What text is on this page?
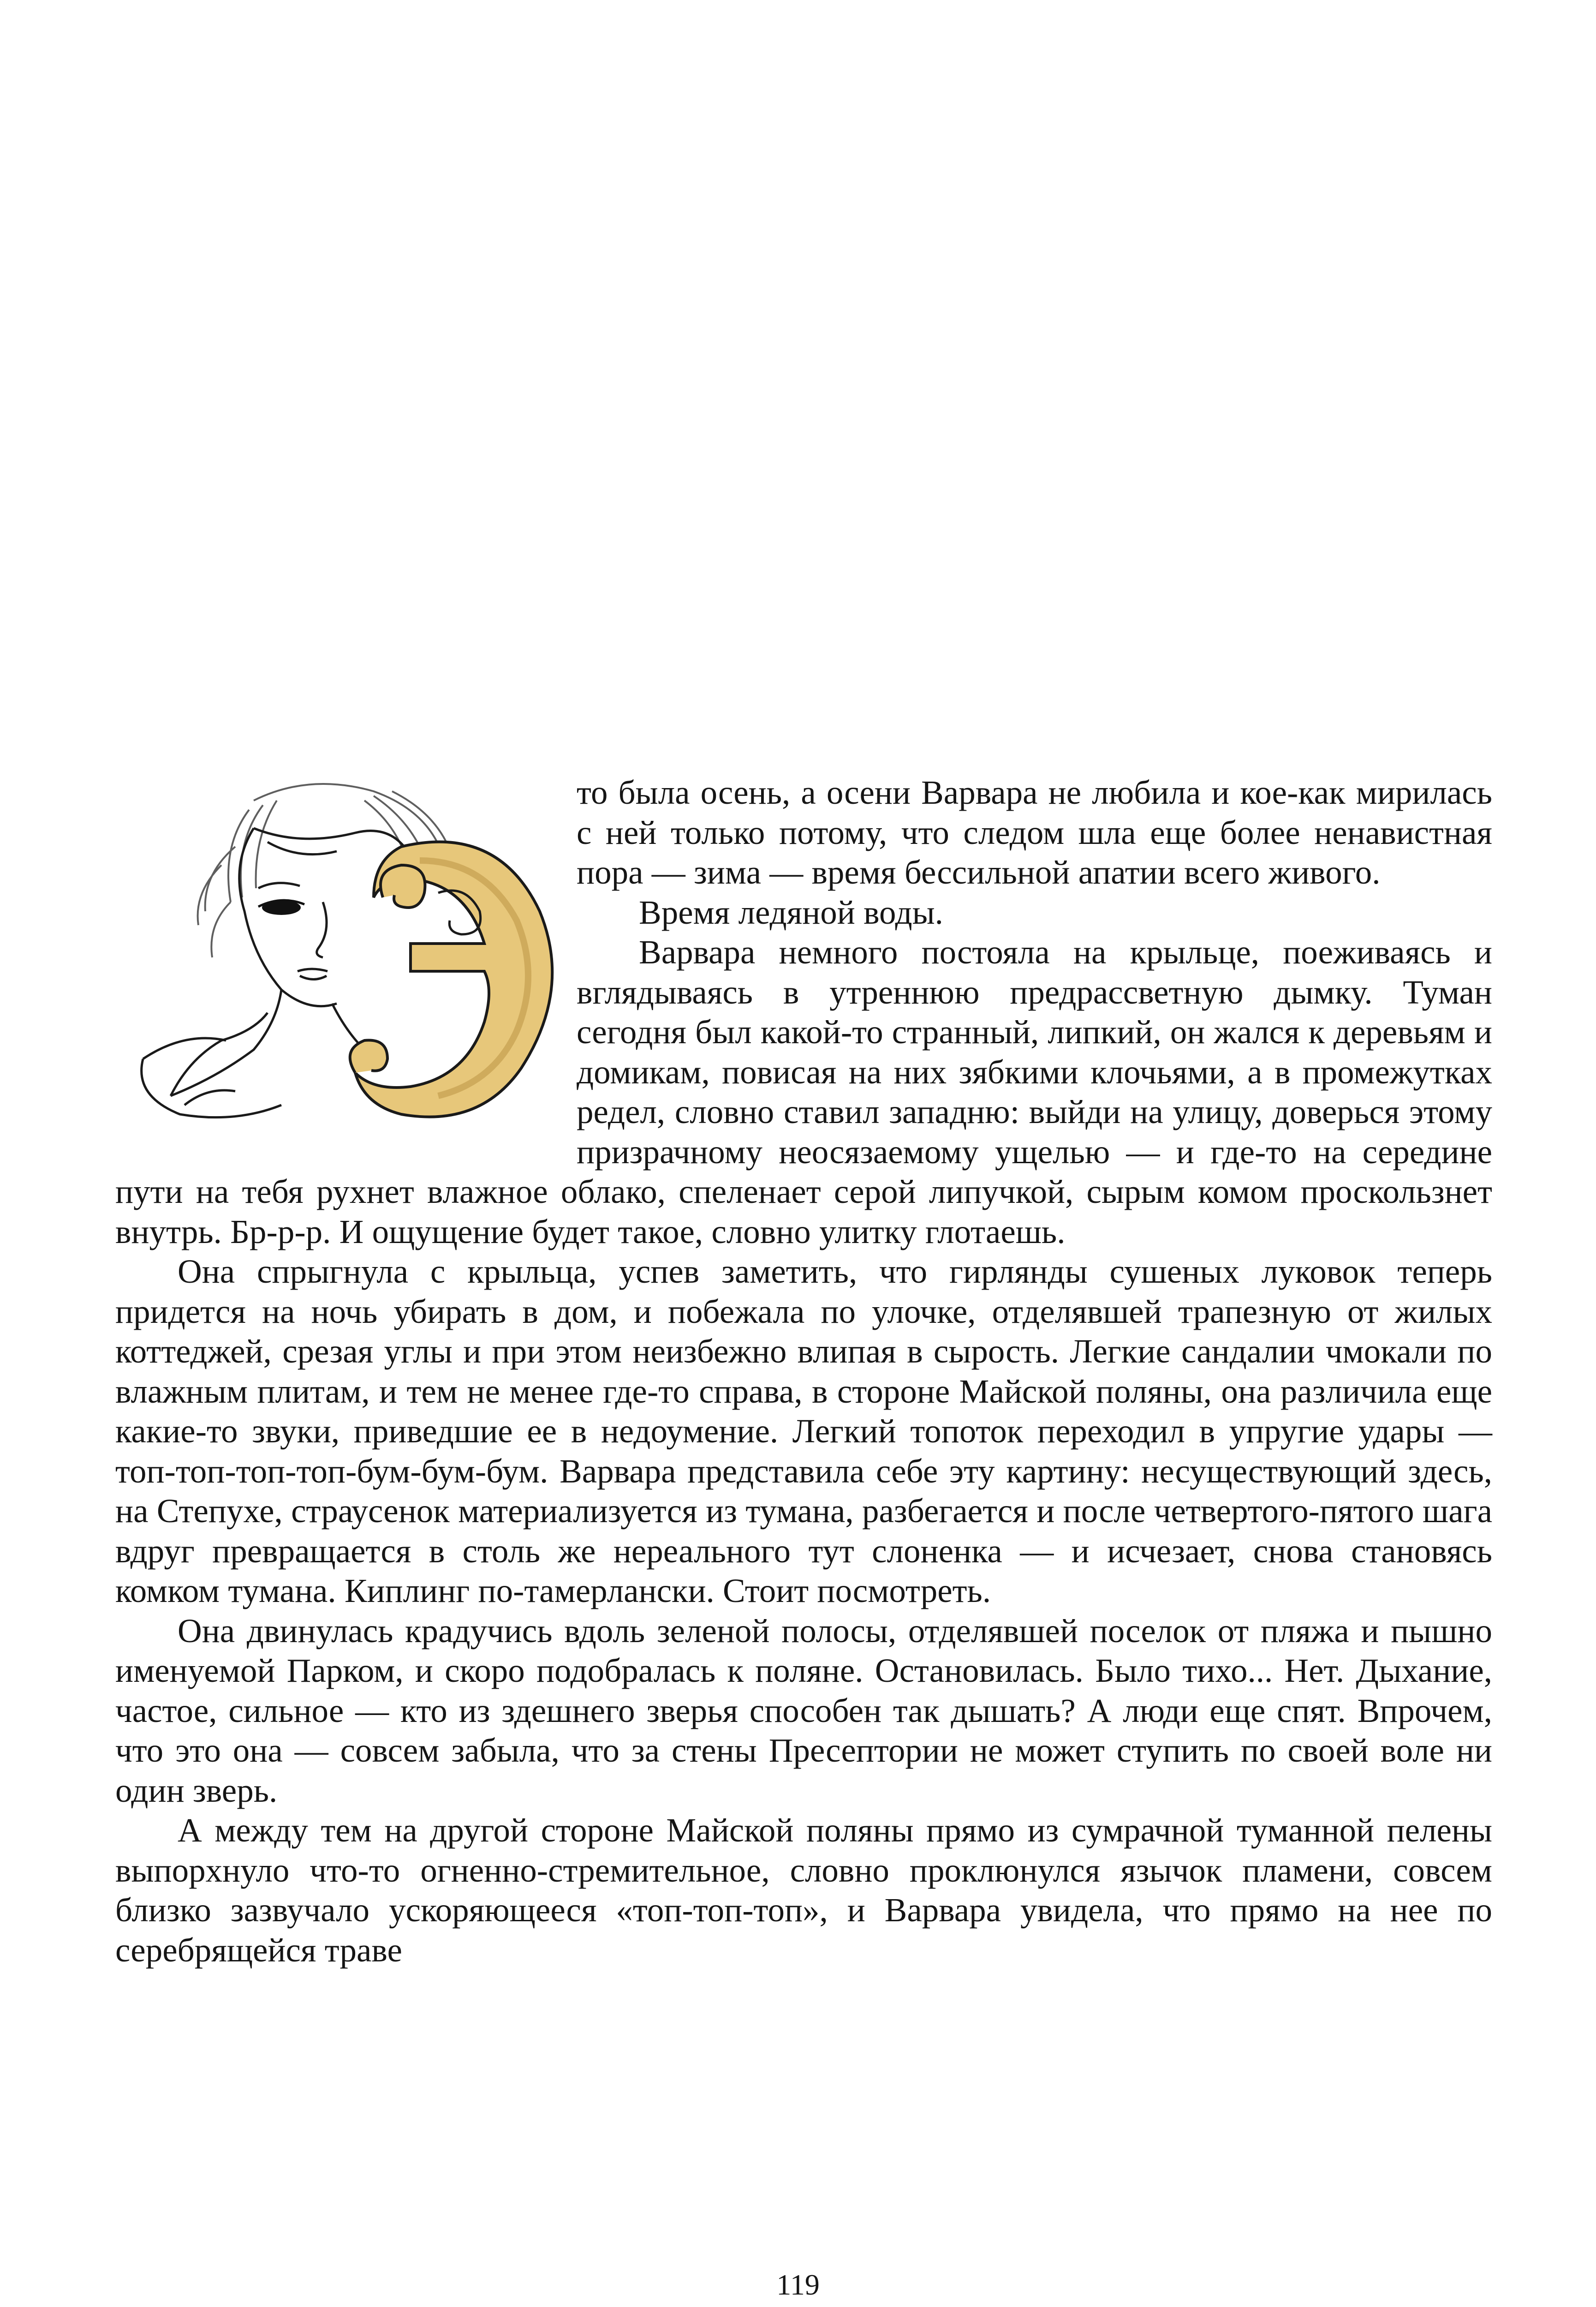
то была осень, а осени Варвара не любила и кое-как мирилась с ней только потому, что следом шла еще более ненавистная пора — зима — время бессильной апатии всего живого.

Время ледяной воды.

Варвара немного постояла на крыльце, поеживаясь и вглядываясь в утреннюю предрассветную дымку. Туман сегодня был какой-то странный, липкий, он жался к деревьям и домикам, повисая на них зябкими клочьями, а в промежутках редел, словно ставил западню: выйди на улицу, доверься этому призрачному неосязаемому ущелью — и где-то на середине пути на тебя рухнет влажное облако, спеленает серой липучкой, сырым комом проскользнет внутрь. Бр-р-р. И ощущение будет такое, словно улитку глотаешь.

Она спрыгнула с крыльца, успев заметить, что гирлянды сушеных луковок теперь придется на ночь убирать в дом, и побежала по улочке, отделявшей трапезную от жилых коттеджей, срезая углы и при этом неизбежно влипая в сырость. Легкие сандалии чмокали по влажным плитам, и тем не менее где-то справа, в стороне Майской поляны, она различила еще какие-то звуки, приведшие ее в недоумение. Легкий топоток переходил в упругие удары — топ-топ-топ-топ-бум-бум-бум. Варвара представила себе эту картину: несуществующий здесь, на Степухе, страусенок материализуется из тумана, разбегается и после четвертого-пятого шага вдруг превращается в столь же нереального тут слоненка — и исчезает, снова становясь комком тумана. Киплинг по-тамерлански. Стоит посмотреть.

Она двинулась крадучись вдоль зеленой полосы, отделявшей поселок от пляжа и пышно именуемой Парком, и скоро подобралась к поляне. Остановилась. Было тихо... Нет. Дыхание, частое, сильное — кто из здешнего зверья способен так дышать? А люди еще спят. Впрочем, что это она — совсем забыла, что за стены Пресептории не может ступить по своей воле ни один зверь.

А между тем на другой стороне Майской поляны прямо из сумрачной туманной пелены выпорхнуло что-то огненно-стремительное, словно проклюнулся язычок пламени, совсем близко зазвучало ускоряющееся «топ-топ-топ», и Варвара увидела, что прямо на нее по серебрящейся траве

119
